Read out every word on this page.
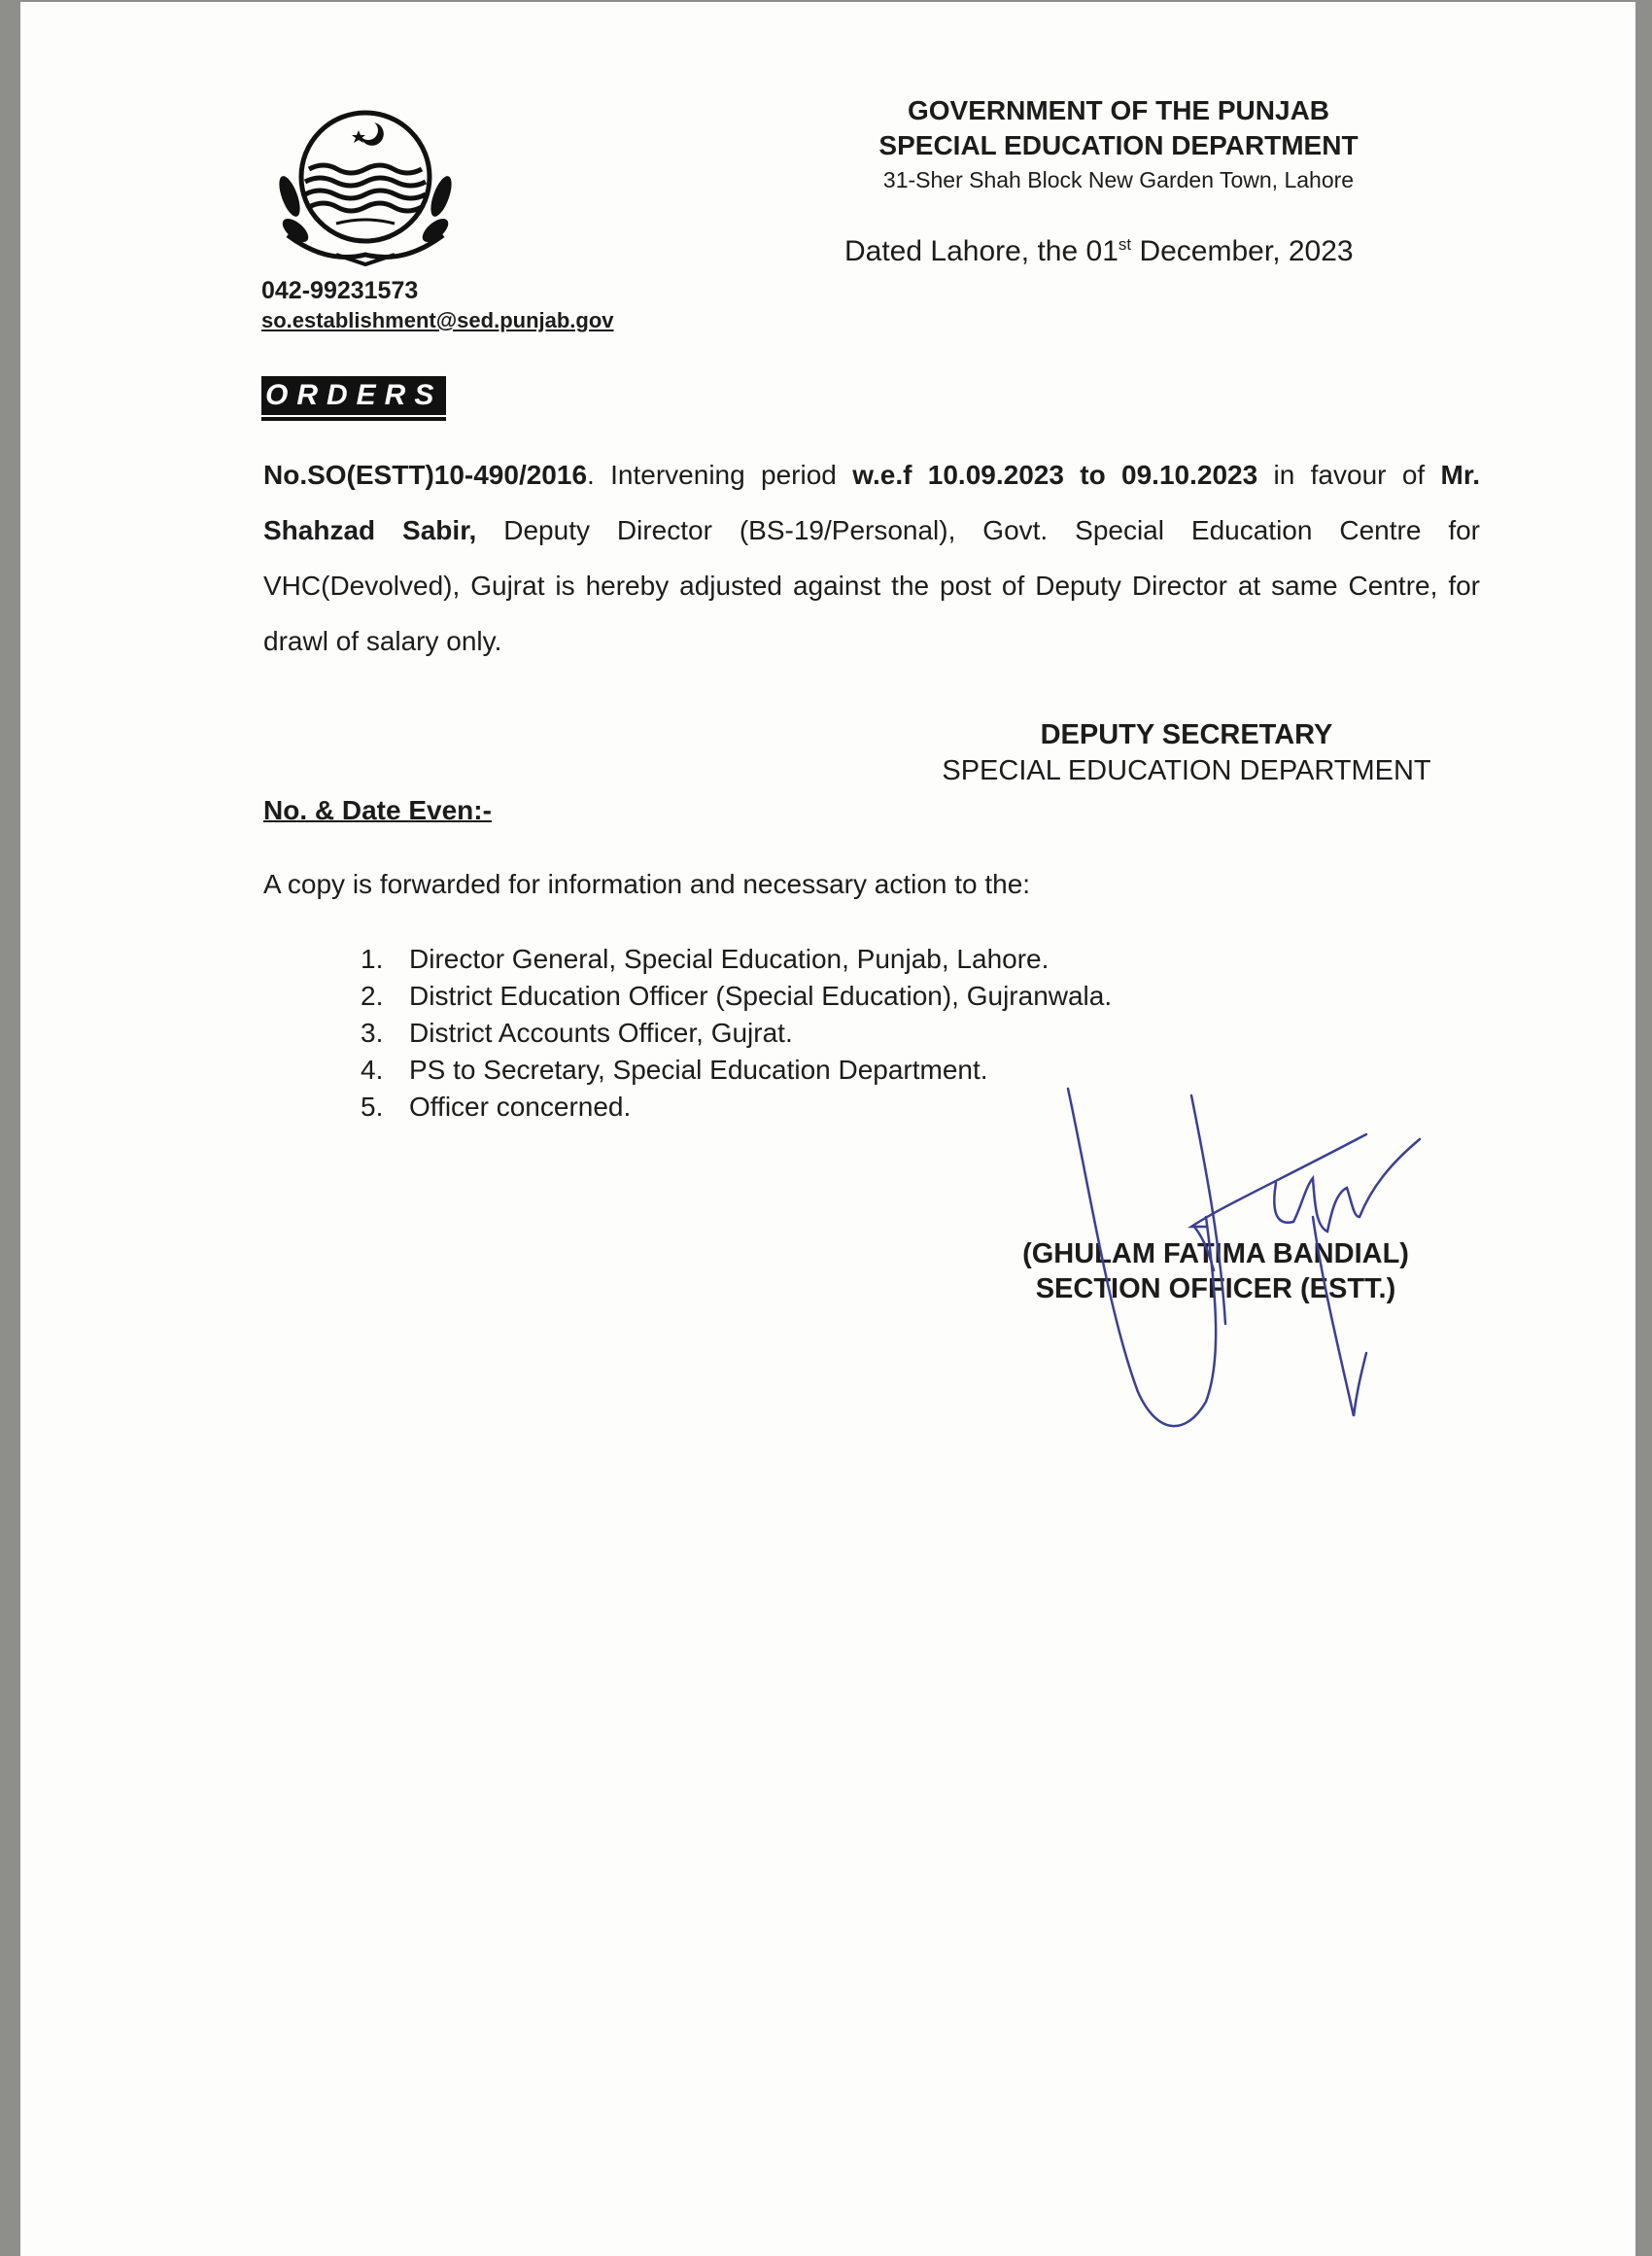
042-99231573
so.establishment@sed.punjab.gov
GOVERNMENT OF THE PUNJAB
SPECIAL EDUCATION DEPARTMENT
31-Sher Shah Block New Garden Town, Lahore
Dated Lahore, the 01st December, 2023
ORDERS
No.SO(ESTT)10-490/2016. Intervening period w.e.f 10.09.2023 to 09.10.2023 in favour of Mr. Shahzad Sabir, Deputy Director (BS-19/Personal), Govt. Special Education Centre for VHC(Devolved), Gujrat is hereby adjusted against the post of Deputy Director at same Centre, for drawl of salary only.
DEPUTY SECRETARY
SPECIAL EDUCATION DEPARTMENT
No. & Date Even:-
A copy is forwarded for information and necessary action to the:
1. Director General, Special Education, Punjab, Lahore.
2. District Education Officer (Special Education), Gujranwala.
3. District Accounts Officer, Gujrat.
4. PS to Secretary, Special Education Department.
5. Officer concerned.
(GHULAM FATIMA BANDIAL)
SECTION OFFICER (ESTT.)
